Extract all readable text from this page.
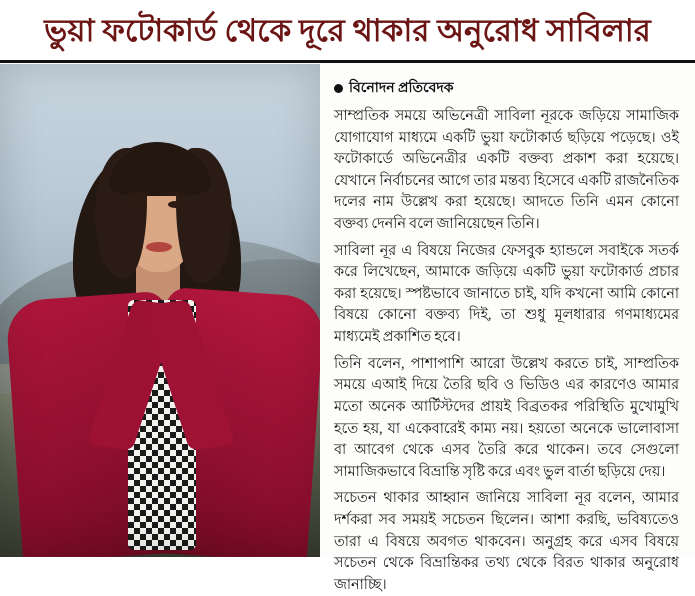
ভুয়া ফটোকার্ড থেকে দূরে থাকার অনুরোধ সাবিলার
বিনোদন প্রতিবেদক

সাম্প্রতিক সময়ে অভিনেত্রী সাবিলা নূরকে জড়িয়ে সামাজিক যোগাযোগ মাধ্যমে একটি ভুয়া ফটোকার্ড ছড়িয়ে পড়েছে। ওই ফটোকার্ডে অভিনেত্রীর একটি বক্তব্য প্রকাশ করা হয়েছে। যেখানে নির্বাচনের আগে তার মন্তব্য হিসেবে একটি রাজনৈতিক দলের নাম উল্লেখ করা হয়েছে। আদতে তিনি এমন কোনো বক্তব্য দেননি বলে জানিয়েছেন তিনি।

সাবিলা নূর এ বিষয়ে নিজের ফেসবুক হ্যান্ডলে সবাইকে সতর্ক করে লিখেছেন, আমাকে জড়িয়ে একটি ভুয়া ফটোকার্ড প্রচার করা হয়েছে। স্পষ্টভাবে জানাতে চাই, যদি কখনো আমি কোনো বিষয়ে কোনো বক্তব্য দিই, তা শুধু মূলধারার গণমাধ্যমের মাধ্যমেই প্রকাশিত হবে।

তিনি বলেন, পাশাপাশি আরো উল্লেখ করতে চাই, সাম্প্রতিক সময়ে এআই দিয়ে তৈরি ছবি ও ভিডিও এর কারণেও আমার মতো অনেক আর্টিস্টদের প্রায়ই বিব্রতকর পরিস্থিতি মুখোমুখি হতে হয়, যা একেবারেই কাম্য নয়। হয়তো অনেকে ভালোবাসা বা আবেগ থেকে এসব তৈরি করে থাকেন। তবে সেগুলো সামাজিকভাবে বিভ্রান্তি সৃষ্টি করে এবং ভুল বার্তা ছড়িয়ে দেয়।

সচেতন থাকার আহ্বান জানিয়ে সাবিলা নূর বলেন, আমার দর্শকরা সব সময়ই সচেতন ছিলেন। আশা করছি, ভবিষ্যতেও তারা এ বিষয়ে অবগত থাকবেন। অনুগ্রহ করে এসব বিষয়ে সচেতন থেকে বিভ্রান্তিকর তথ্য থেকে বিরত থাকার অনুরোধ জানাচ্ছি।
